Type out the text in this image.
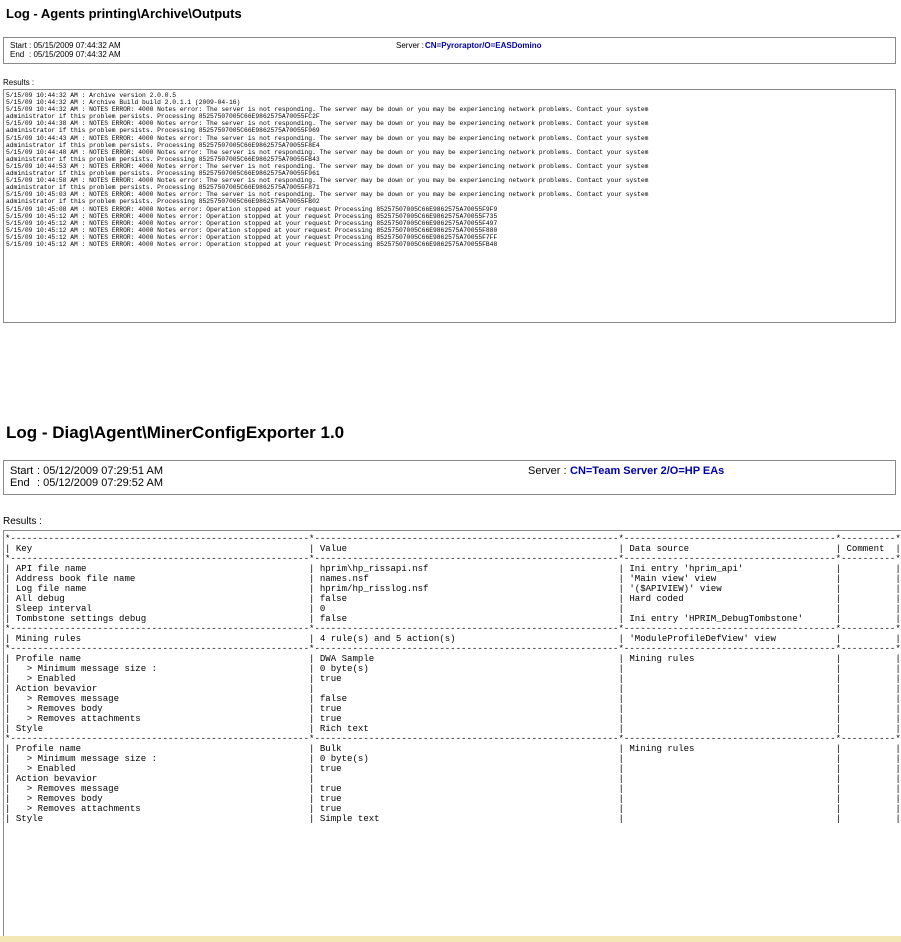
Log - Agents printing\Archive\Outputs
Start : 05/15/2009 07:44:32 AM
End : 05/15/2009 07:44:32 AM
Server :
CN=Pyroraptor/O=EASDomino
Results :
5/15/09 10:44:32 AM : Archive version 2.0.0.5
5/15/09 10:44:32 AM : Archive Build build 2.0.1.1 (2009-04-16)
5/15/09 10:44:32 AM : NOTES ERROR: 4000 Notes error: The server is not responding. The server may be down or you may be experiencing network problems. Contact your system
administrator if this problem persists. Processing 85257507005C66E9862575A70055FC2F
5/15/09 10:44:38 AM : NOTES ERROR: 4000 Notes error: The server is not responding. The server may be down or you may be experiencing network problems. Contact your system
administrator if this problem persists. Processing 85257507005C66E9862575A70055F969
5/15/09 10:44:43 AM : NOTES ERROR: 4000 Notes error: The server is not responding. The server may be down or you may be experiencing network problems. Contact your system
administrator if this problem persists. Processing 85257507005C66E9862575A70055F8E4
5/15/09 10:44:48 AM : NOTES ERROR: 4000 Notes error: The server is not responding. The server may be down or you may be experiencing network problems. Contact your system
administrator if this problem persists. Processing 85257507005C66E9862575A70055FB43
5/15/09 10:44:53 AM : NOTES ERROR: 4000 Notes error: The server is not responding. The server may be down or you may be experiencing network problems. Contact your system
administrator if this problem persists. Processing 85257507005C66E9862575A70055F961
5/15/09 10:44:58 AM : NOTES ERROR: 4000 Notes error: The server is not responding. The server may be down or you may be experiencing network problems. Contact your system
administrator if this problem persists. Processing 85257507005C66E9862575A70055F871
5/15/09 10:45:03 AM : NOTES ERROR: 4000 Notes error: The server is not responding. The server may be down or you may be experiencing network problems. Contact your system
administrator if this problem persists. Processing 85257507005C66E9862575A70055FB02
5/15/09 10:45:08 AM : NOTES ERROR: 4000 Notes error: Operation stopped at your request Processing 85257507005C66E9862575A70055F9F9
5/15/09 10:45:12 AM : NOTES ERROR: 4000 Notes error: Operation stopped at your request Processing 85257507005C66E9862575A70055F735
5/15/09 10:45:12 AM : NOTES ERROR: 4000 Notes error: Operation stopped at your request Processing 85257507005C66E9862575A70055F497
5/15/09 10:45:12 AM : NOTES ERROR: 4000 Notes error: Operation stopped at your request Processing 85257507005C66E9862575A70055F880
5/15/09 10:45:12 AM : NOTES ERROR: 4000 Notes error: Operation stopped at your request Processing 85257507005C66E9862575A70055F7FF
5/15/09 10:45:12 AM : NOTES ERROR: 4000 Notes error: Operation stopped at your request Processing 85257507005C66E9862575A70055FB48
Log - Diag\Agent\MinerConfigExporter 1.0
Start : 05/12/2009 07:29:51 AM
End : 05/12/2009 07:29:52 AM
Server : CN=Team Server 2/O=HP EAs
Results :
*-------------------------------------------------------*--------------------------------------------------------*---------------------------------------*----------*
| Key                                                   | Value                                                  | Data source                           | Comment  |
*-------------------------------------------------------*--------------------------------------------------------*---------------------------------------*----------*
| API file name                                         | hprim\hp_rissapi.nsf                                   | Ini entry 'hprim_api'                 |          |
| Address book file name                                | names.nsf                                              | 'Main view' view                      |          |
| Log file name                                         | hprim/hp_risslog.nsf                                   | '($APIVIEW)' view                     |          |
| All debug                                             | false                                                  | Hard coded                            |          |
| Sleep interval                                        | 0                                                      |                                       |          |
| Tombstone settings debug                              | false                                                  | Ini entry 'HPRIM_DebugTombstone'      |          |
*-------------------------------------------------------*--------------------------------------------------------*---------------------------------------*----------*
| Mining rules                                          | 4 rule(s) and 5 action(s)                              | 'ModuleProfileDefView' view           |          |
*-------------------------------------------------------*--------------------------------------------------------*---------------------------------------*----------*
| Profile name                                          | DWA Sample                                             | Mining rules                          |          |
|   > Minimum message size :                            | 0 byte(s)                                              |                                       |          |
|   > Enabled                                           | true                                                   |                                       |          |
| Action bevavior                                       |                                                        |                                       |          |
|   > Removes message                                   | false                                                  |                                       |          |
|   > Removes body                                      | true                                                   |                                       |          |
|   > Removes attachments                               | true                                                   |                                       |          |
| Style                                                 | Rich text                                              |                                       |          |
*-------------------------------------------------------*--------------------------------------------------------*---------------------------------------*----------*
| Profile name                                          | Bulk                                                   | Mining rules                          |          |
|   > Minimum message size :                            | 0 byte(s)                                              |                                       |          |
|   > Enabled                                           | true                                                   |                                       |          |
| Action bevavior                                       |                                                        |                                       |          |
|   > Removes message                                   | true                                                   |                                       |          |
|   > Removes body                                      | true                                                   |                                       |          |
|   > Removes attachments                               | true                                                   |                                       |          |
| Style                                                 | Simple text                                            |                                       |          |
